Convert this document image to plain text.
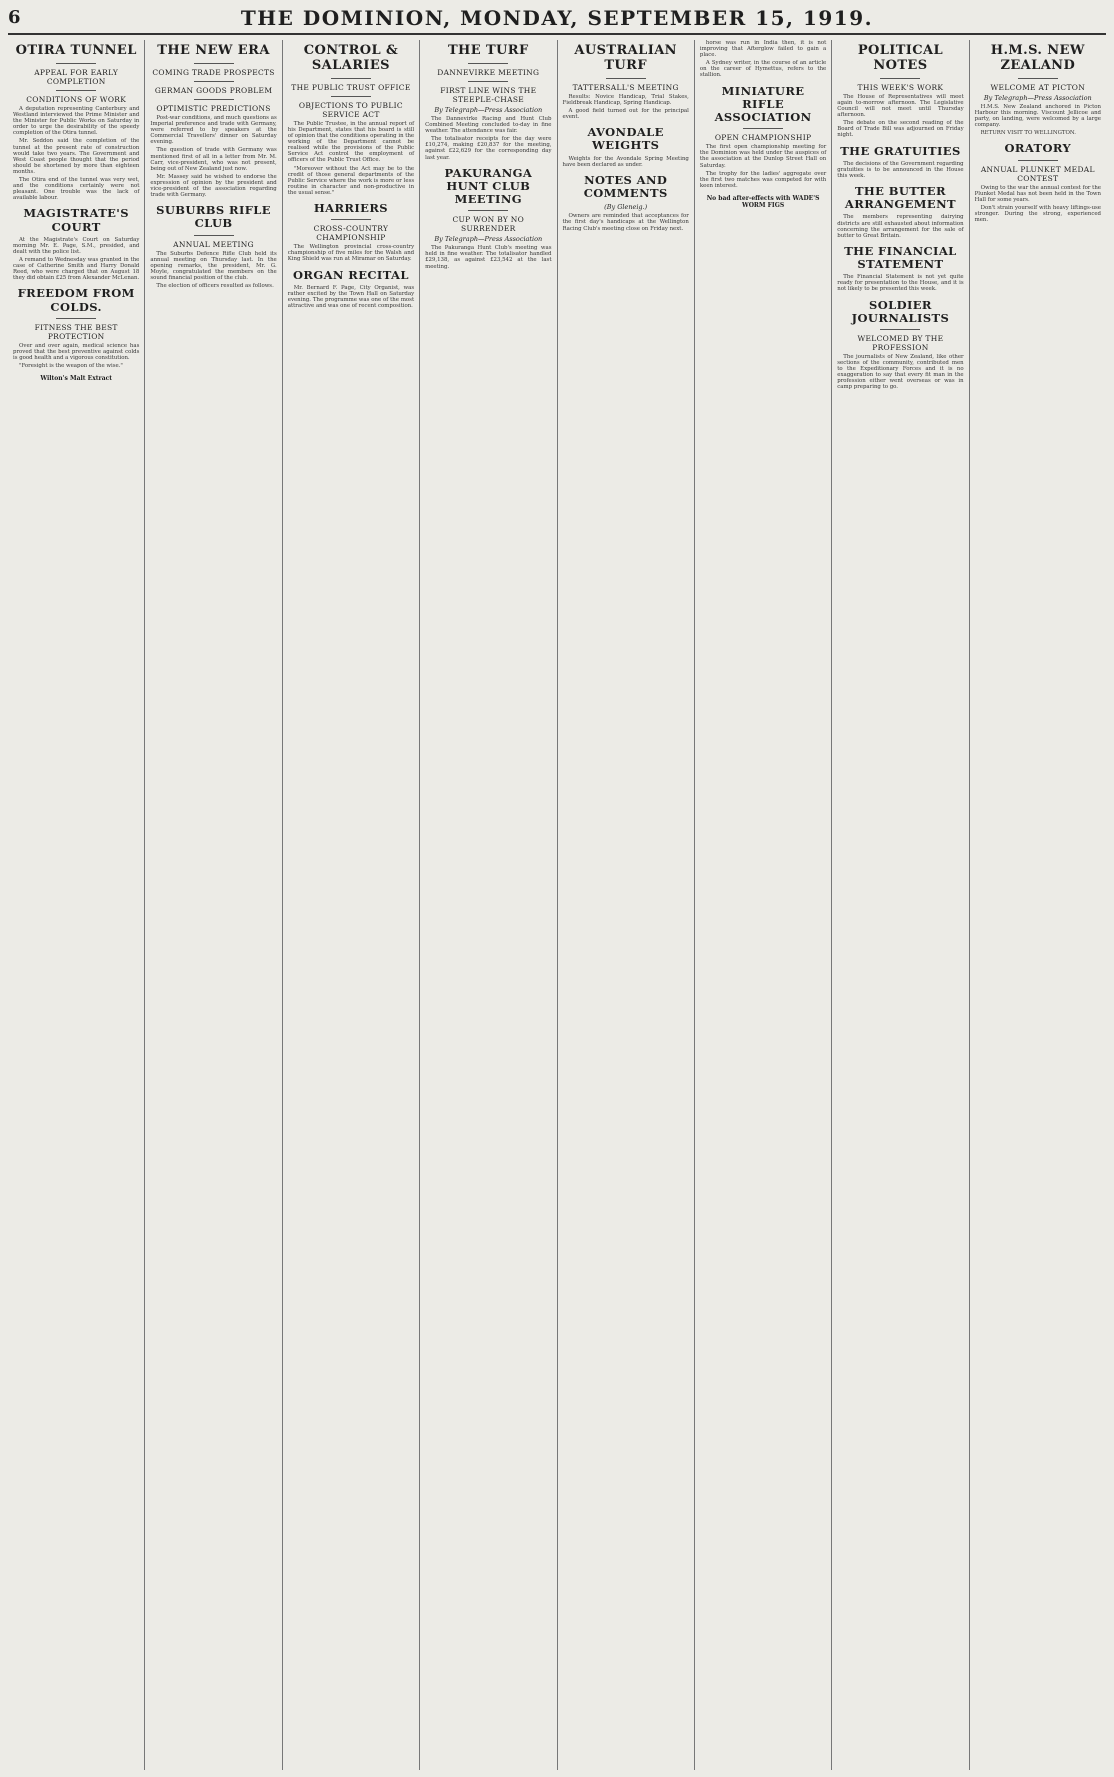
6	THE DOMINION, MONDAY, SEPTEMBER 15, 1919.
OTIRA TUNNEL
APPEAL FOR EARLY COMPLETION
CONDITIONS OF WORK

A deputation representing Canterbury and Westland interviewed the Prime Minister and the Minister for Public Works on Saturday in order to urge the desirability of the speedy completion of the Otira tunnel.

Mr. Seddon said the completion of the tunnel at the present rate of construction would take two years. The Government and West Coast people thought that the period should be shortened by more than eighteen months.

The Otira end of the tunnel was very wet, and the conditions certainly were not pleasant. One trouble was the lack of available labour.

MAGISTRATE'S COURT

At the Magistrate's Court on Saturday morning Mr. E. Page, S.M., presided, and dealt with the police list.

A remand to Wednesday was granted in the case of Catherine Smith and Harry Donald Reed, who were charged that on August 18 they did obtain £25 from Alexander McLenan.

FREEDOM FROM COLDS.
FITNESS THE BEST PROTECTION

Over and over again, medical science has proved that the best preventive against colds is good health and a vigorous constitution.

"Foresight is the weapon of the wise."

Wilton's Malt Extract
THE NEW ERA
COMING TRADE PROSPECTS
GERMAN GOODS PROBLEM
OPTIMISTIC PREDICTIONS

Post-war conditions, and much questions as Imperial preference and trade with Germany, were referred to by speakers at the Commercial Travellers' dinner on Saturday evening.

The question of trade with Germany was mentioned first of all in a letter from Mr. M. Carr, vice-president, who was not present, being out of New Zealand just now.

Mr. Massey said he wished to endorse the expression of opinion by the president and vice-president of the association regarding trade with Germany.

SUBURBS RIFLE CLUB
ANNUAL MEETING

The Suburbs Defence Rifle Club held its annual meeting on Thursday last. In the opening remarks, the president, Mr. G. Moyle, congratulated the members on the sound financial position of the club.

The election of officers resulted as follows.

CONTROL & SALARIES
THE PUBLIC TRUST OFFICE
OBJECTIONS TO PUBLIC SERVICE ACT

The Public Trustee, in the annual report of his Department, states that his board is still of opinion that the conditions operating in the working of the Department cannot be realised while the provisions of the Public Service Act control the employment of officers of the Public Trust Office.

"Moreover without the Act may be to the credit of those general departments of the Public Service where the work is more or less routine in character and non-productive in the usual sense."

HARRIERS
CROSS-COUNTRY CHAMPIONSHIP

The Wellington provincial cross-country championship of five miles for the Walsh and King Shield was run at Miramar on Saturday.

ORGAN RECITAL

Mr. Bernard F. Page, City Organist, was rather excited by the Town Hall on Saturday evening. The programme was one of the most attractive and was one of recent composition.

THE TURF
DANNEVIRKE MEETING
FIRST LINE WINS THE STEEPLE-CHASE
By Telegraph—Press Association

The Dannevirke Racing and Hunt Club Combined Meeting concluded to-day in fine weather. The attendance was fair.

The totalisator receipts for the day were £10,274, making £20,837 for the meeting, against £22,629 for the corresponding day last year.

PAKURANGA HUNT CLUB MEETING
CUP WON BY NO SURRENDER
By Telegraph—Press Association

The Pakuranga Hunt Club's meeting was held in fine weather. The totalisator handled £29,138, as against £23,542 at the last meeting.

AUSTRALIAN TURF
TATTERSALL'S MEETING

Results: Novice Handicap, Trial Stakes, Fieldbreak Handicap, Spring Handicap.

A good field turned out for the principal event.

AVONDALE WEIGHTS

Weights for the Avondale Spring Meeting have been declared as under.

NOTES AND COMMENTS
(By Gleneig.)

Owners are reminded that acceptances for the first day's handicaps at the Wellington Racing Club's meeting close on Friday next.

horse was run in India then, it is not improving that Afterglow failed to gain a place.

A Sydney writer, in the course of an article on the career of Hymettus, refers to the stallion.

MINIATURE RIFLE ASSOCIATION
OPEN CHAMPIONSHIP

The first open championship meeting for the Dominion was held under the auspices of the association at the Dunlop Street Hall on Saturday.

The trophy for the ladies' aggregate over the first two matches was competed for with keen interest.

No bad after-effects with WADE'S WORM FIGS
POLITICAL NOTES
THIS WEEK'S WORK

The House of Representatives will meet again to-morrow afternoon. The Legislative Council will not meet until Thursday afternoon.

The debate on the second reading of the Board of Trade Bill was adjourned on Friday night.

THE GRATUITIES

The decisions of the Government regarding gratuities is to be announced in the House this week.

THE BUTTER ARRANGEMENT

The members representing dairying districts are still exhausted about information concerning the arrangement for the sale of butter to Great Britain.

THE FINANCIAL STATEMENT

The Financial Statement is not yet quite ready for presentation to the House, and it is not likely to be presented this week.

SOLDIER JOURNALISTS
WELCOMED BY THE PROFESSION

The journalists of New Zealand, like other sections of the community, contributed men to the Expeditionary Forces and it is no exaggeration to say that every fit man in the profession either went overseas or was in camp preparing to go.

H.M.S. NEW ZEALAND
WELCOME AT PICTON
By Telegraph—Press Association

H.M.S. New Zealand anchored in Picton Harbour this morning. Viscount Jellicoe and party, on landing, were welcomed by a large company.

RETURN VISIT TO WELLINGTON.

ORATORY
ANNUAL PLUNKET MEDAL CONTEST

Owing to the war the annual contest for the Plunket Medal has not been held in the Town Hall for some years.

Don't strain yourself with heavy liftings-use stronger. During the strong, experienced men.
